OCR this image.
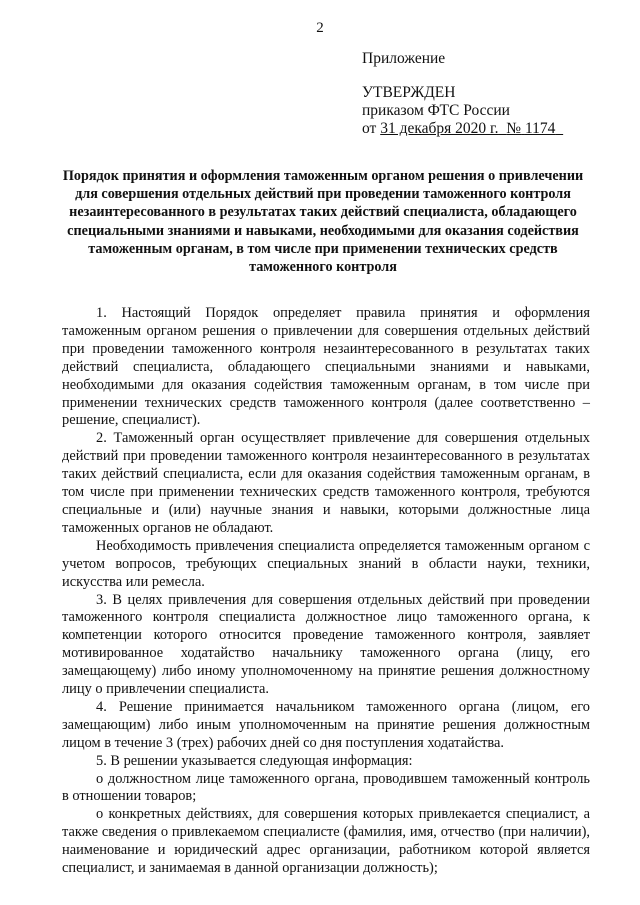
2
Приложение
УТВЕРЖДЕН
приказом ФТС России
от 31 декабря 2020 г. № 1174
Порядок принятия и оформления таможенным органом решения о привлечении для совершения отдельных действий при проведении таможенного контроля незаинтересованного в результатах таких действий специалиста, обладающего специальными знаниями и навыками, необходимыми для оказания содействия таможенным органам, в том числе при применении технических средств таможенного контроля

1. Настоящий Порядок определяет правила принятия и оформления таможенным органом решения о привлечении для совершения отдельных действий при проведении таможенного контроля незаинтересованного в результатах таких действий специалиста, обладающего специальными знаниями и навыками, необходимыми для оказания содействия таможенным органам, в том числе при применении технических средств таможенного контроля (далее соответственно – решение, специалист).

2. Таможенный орган осуществляет привлечение для совершения отдельных действий при проведении таможенного контроля незаинтересованного в результатах таких действий специалиста, если для оказания содействия таможенным органам, в том числе при применении технических средств таможенного контроля, требуются специальные и (или) научные знания и навыки, которыми должностные лица таможенных органов не обладают.

Необходимость привлечения специалиста определяется таможенным органом с учетом вопросов, требующих специальных знаний в области науки, техники, искусства или ремесла.

3. В целях привлечения для совершения отдельных действий при проведении таможенного контроля специалиста должностное лицо таможенного органа, к компетенции которого относится проведение таможенного контроля, заявляет мотивированное ходатайство начальнику таможенного органа (лицу, его замещающему) либо иному уполномоченному на принятие решения должностному лицу о привлечении специалиста.

4. Решение принимается начальником таможенного органа (лицом, его замещающим) либо иным уполномоченным на принятие решения должностным лицом в течение 3 (трех) рабочих дней со дня поступления ходатайства.

5. В решении указывается следующая информация:

о должностном лице таможенного органа, проводившем таможенный контроль в отношении товаров;

о конкретных действиях, для совершения которых привлекается специалист, а также сведения о привлекаемом специалисте (фамилия, имя, отчество (при наличии), наименование и юридический адрес организации, работником которой является специалист, и занимаемая в данной организации должность);
